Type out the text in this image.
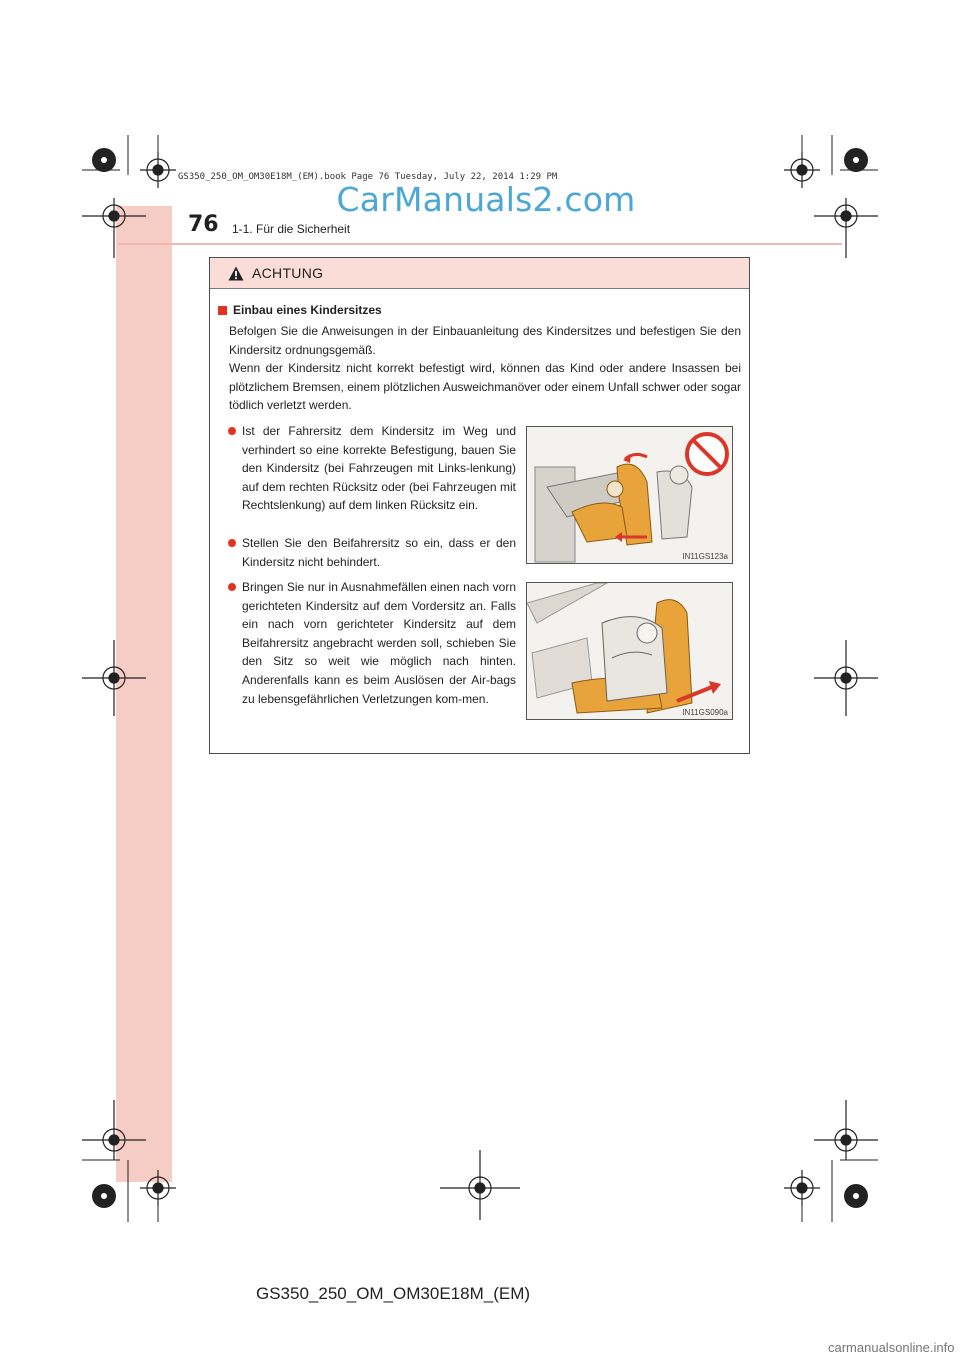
GS350_250_OM_OM30E18M_(EM).book Page 76 Tuesday, July 22, 2014 1:29 PM
CarManuals2.com
76 1-1. Für die Sicherheit
ACHTUNG
Einbau eines Kindersitzes

Befolgen Sie die Anweisungen in der Einbauanleitung des Kindersitzes und befestigen Sie den Kindersitz ordnungsgemäß.

Wenn der Kindersitz nicht korrekt befestigt wird, können das Kind oder andere Insassen bei plötzlichem Bremsen, einem plötzlichen Ausweichmanöver oder einem Unfall schwer oder sogar tödlich verletzt werden.

Ist der Fahrersitz dem Kindersitz im Weg und verhindert so eine korrekte Befestigung, bauen Sie den Kindersitz (bei Fahrzeugen mit Links-lenkung) auf dem rechten Rücksitz oder (bei Fahrzeugen mit Rechtslenkung) auf dem linken Rücksitz ein.
Stellen Sie den Beifahrersitz so ein, dass er den Kindersitz nicht behindert.
Bringen Sie nur in Ausnahmefällen einen nach vorn gerichteten Kindersitz auf dem Vordersitz an. Falls ein nach vorn gerichteter Kindersitz auf dem Beifahrersitz angebracht werden soll, schieben Sie den Sitz so weit wie möglich nach hinten. Anderenfalls kann es beim Auslösen der Air-bags zu lebensgefährlichen Verletzungen kom-men.
IN11GS123a
IN11GS090a
GS350_250_OM_OM30E18M_(EM)
carmanualsonline.info
